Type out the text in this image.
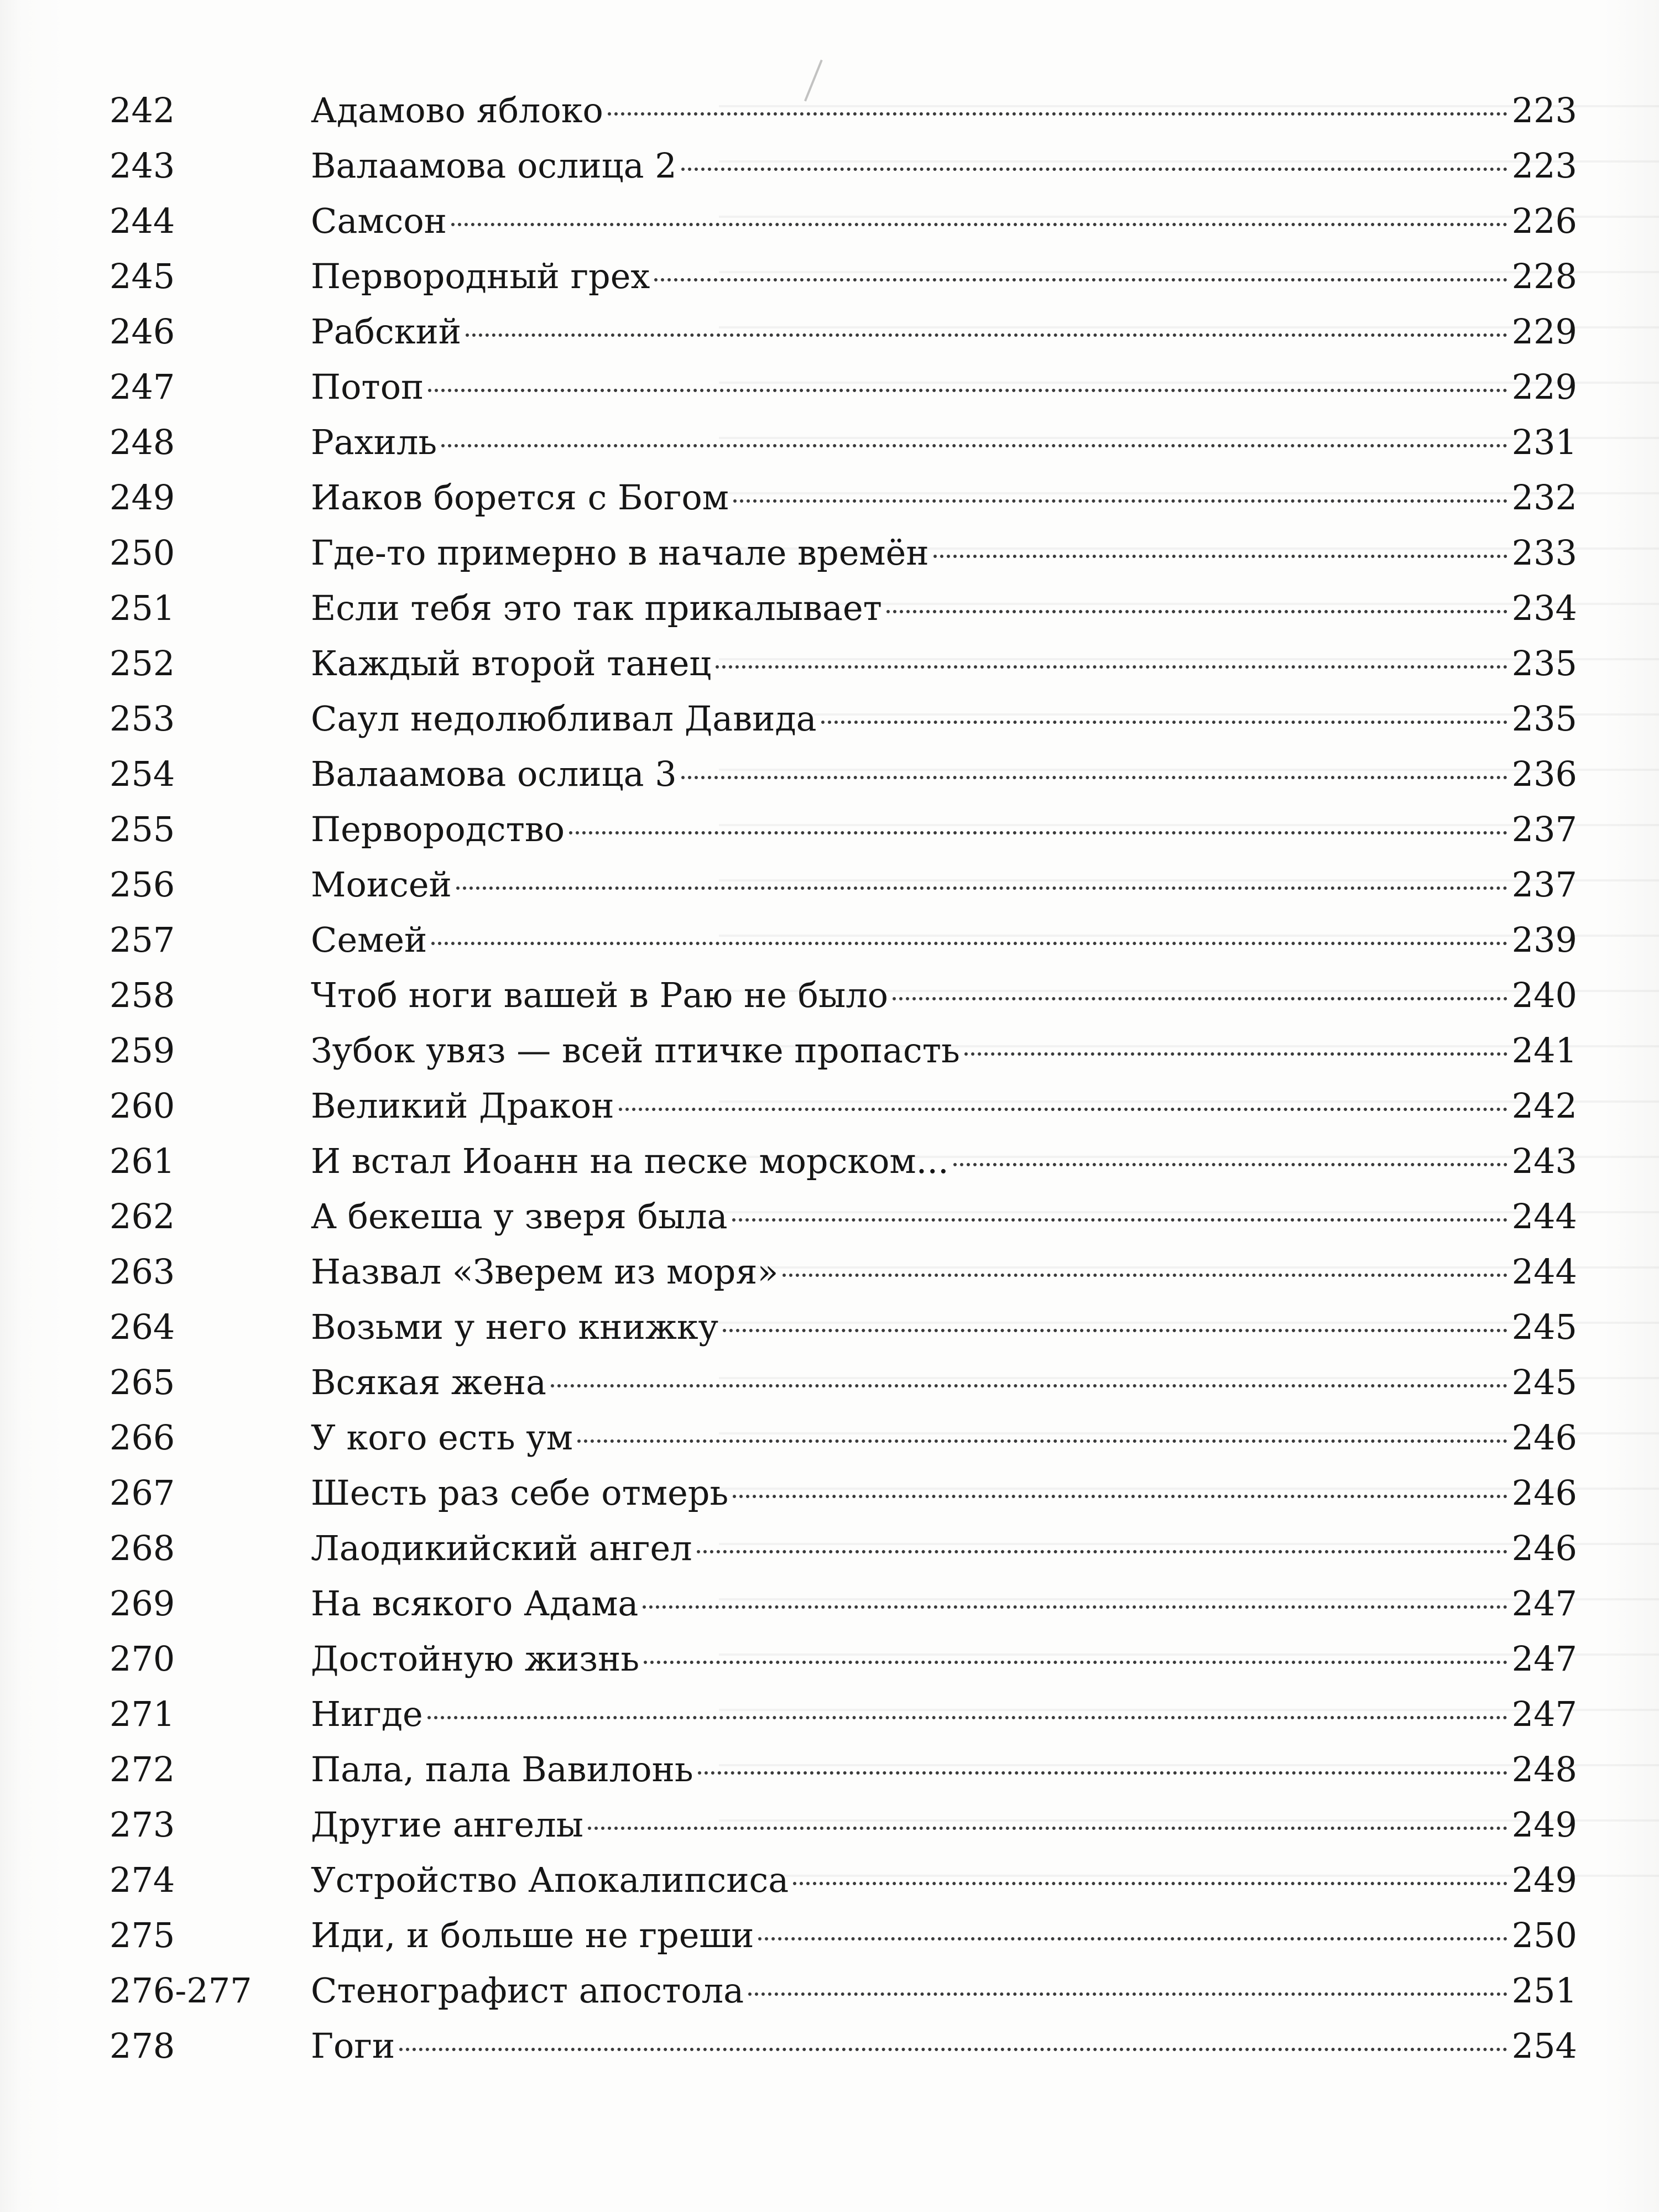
242	Адамово яблоко	223
243	Валаамова ослица 2	223
244	Самсон	226
245	Первородный грех	228
246	Рабский	229
247	Потоп	229
248	Рахиль	231
249	Иаков борется с Богом	232
250	Где-то примерно в начале времён	233
251	Если тебя это так прикалывает	234
252	Каждый второй танец	235
253	Саул недолюбливал Давида	235
254	Валаамова ослица 3	236
255	Первородство	237
256	Моисей	237
257	Семей	239
258	Чтоб ноги вашей в Раю не было	240
259	Зубок увяз — всей птичке пропасть	241
260	Великий Дракон	242
261	И встал Иоанн на песке морском...	243
262	А бекеша у зверя была	244
263	Назвал «Зверем из моря»	244
264	Возьми у него книжку	245
265	Всякая жена	245
266	У кого есть ум	246
267	Шесть раз себе отмерь	246
268	Лаодикийский ангел	246
269	На всякого Адама	247
270	Достойную жизнь	247
271	Нигде	247
272	Пала, пала Вавилонь	248
273	Другие ангелы	249
274	Устройство Апокалипсиса	249
275	Иди, и больше не греши	250
276-277 Стенографист апостола	251
278	Гоги	254
